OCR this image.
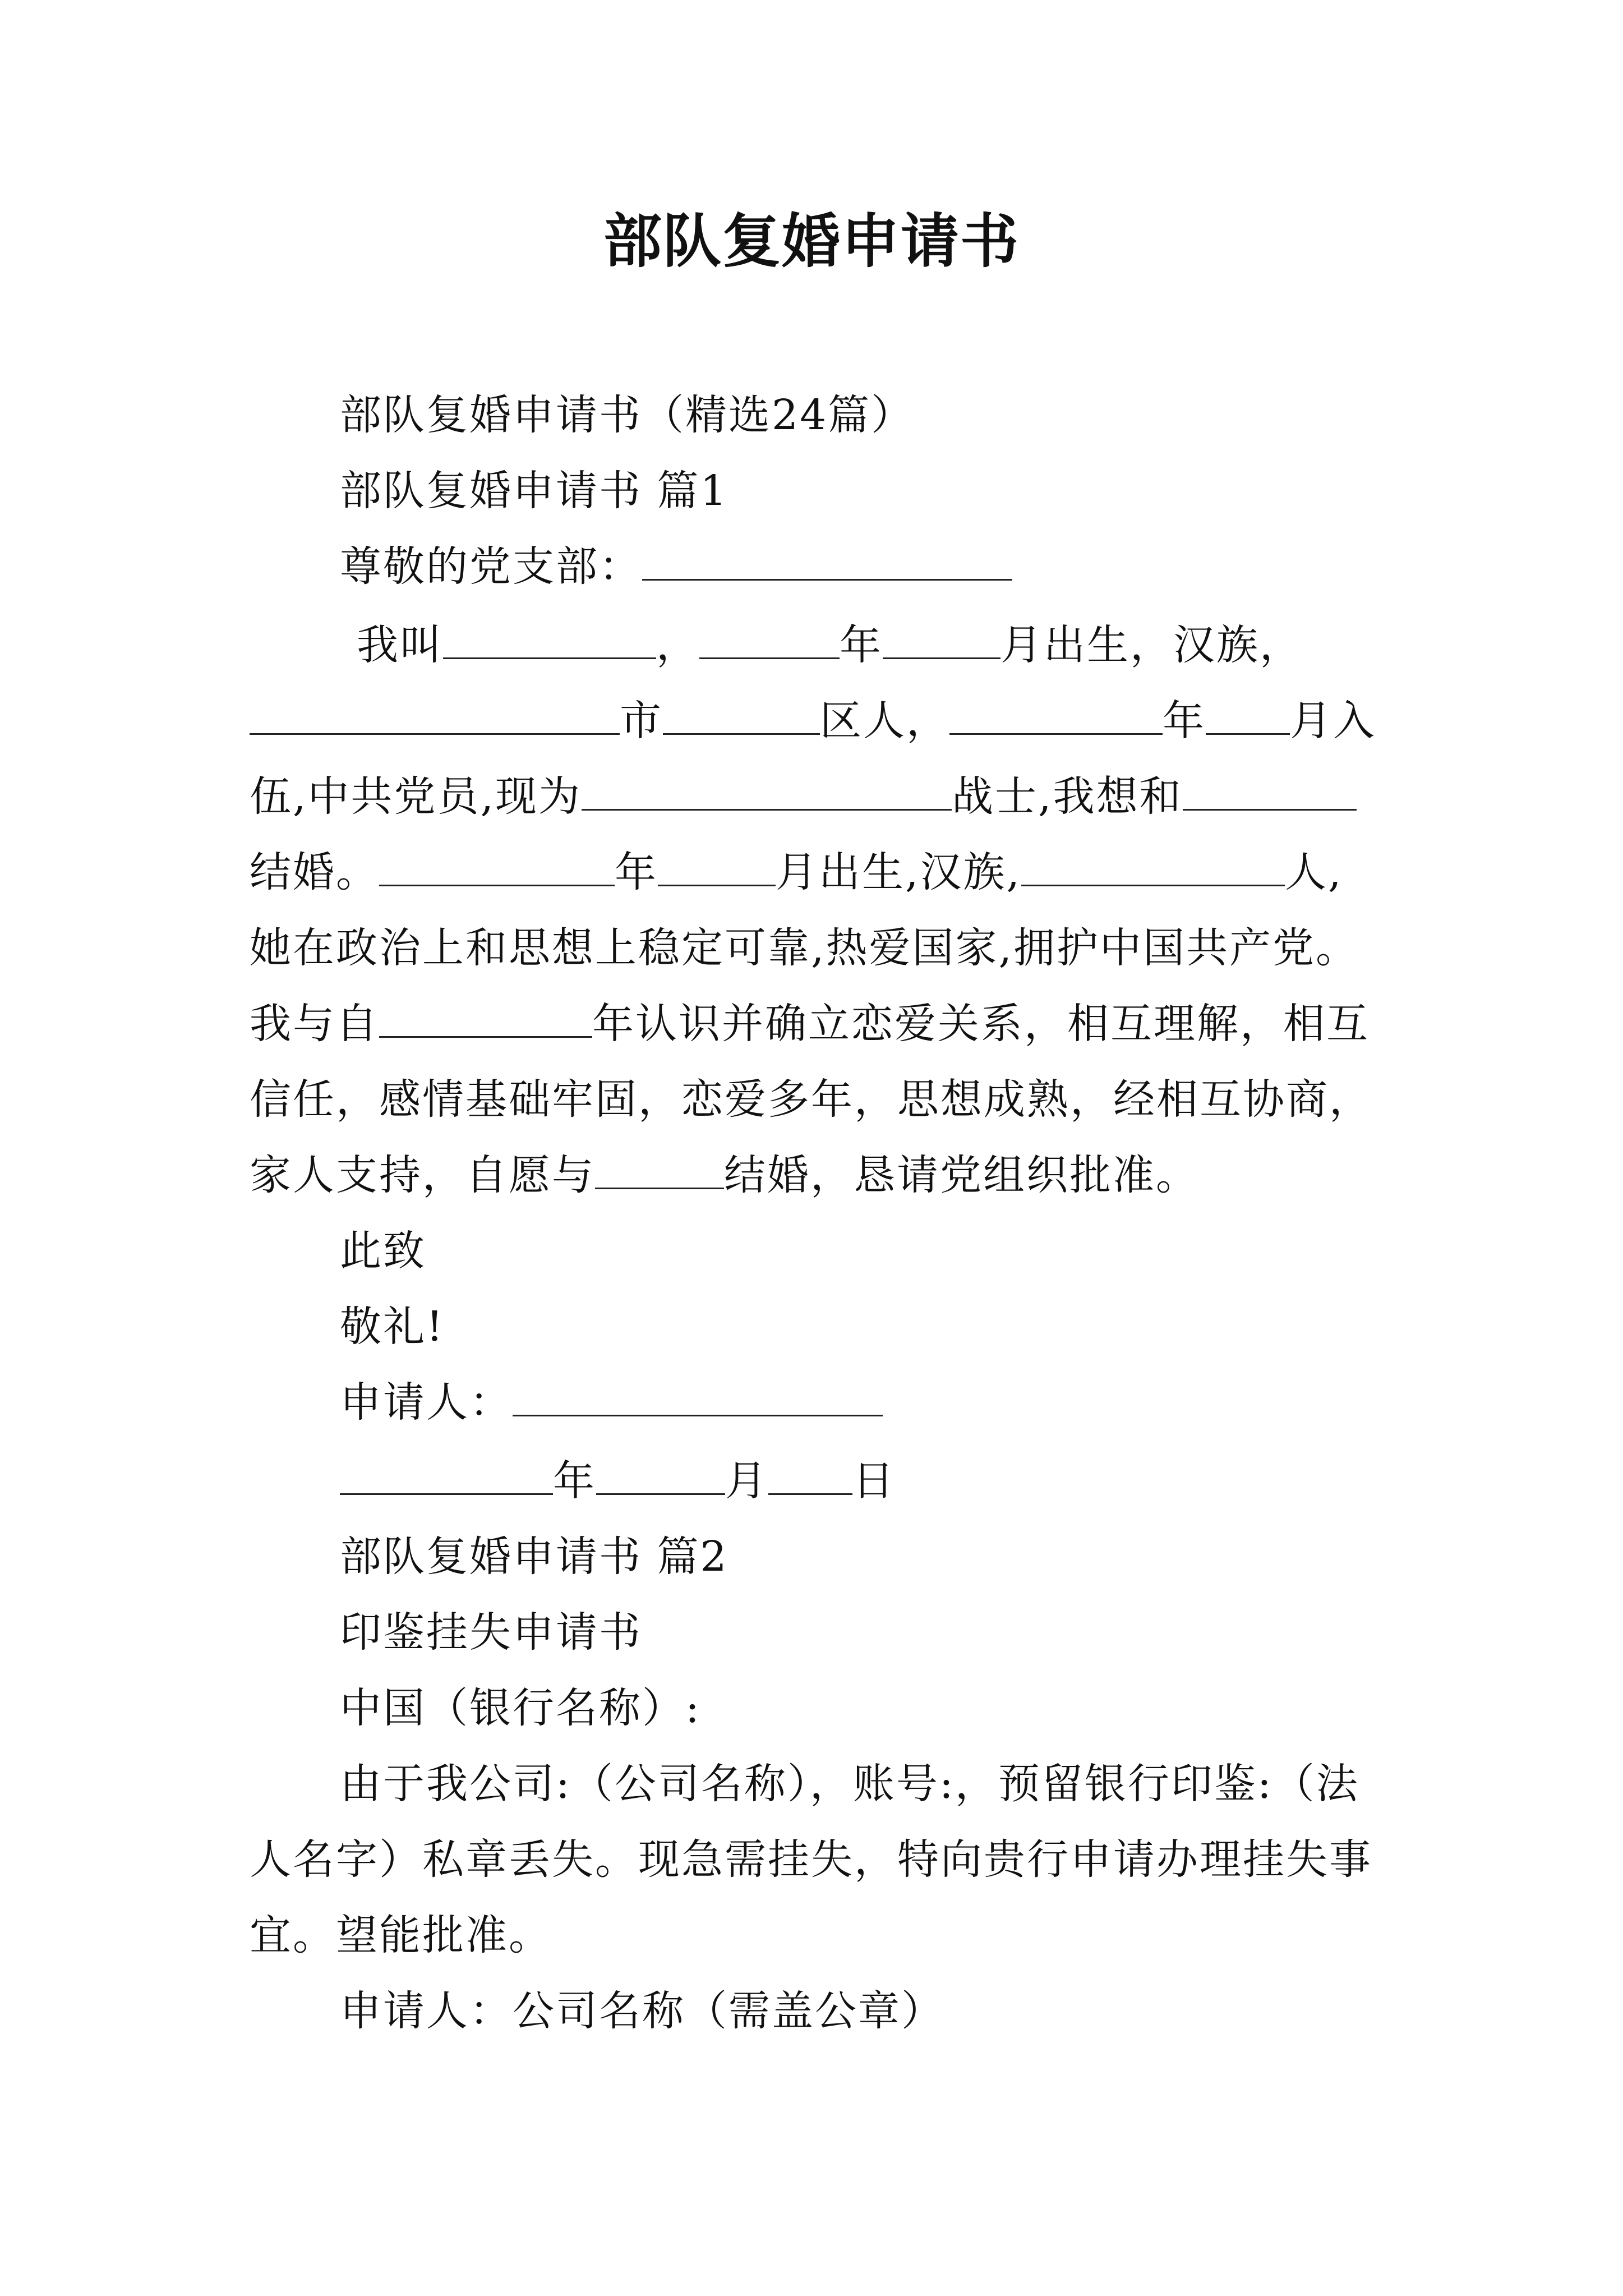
部队复婚申请书
部队复婚申请书（精选24篇）
部队复婚申请书 篇1
尊敬的党支部：
我叫	，	年	月出生，汉族，
市	区人，	年 月入
伍,中共党员,现为	战士,我想和
结婚。	年	月出生,汉族,	人,
她在政治上和思想上稳定可靠,热爱国家,拥护中国共产党。
我与自	年认识并确立恋爱关系，相互理解，相互
信任，感情基础牢固，恋爱多年，思想成熟，经相互协商，
家人支持，自愿与	结婚，恳请党组织批准。
此致
敬礼!
申请人：
年	月 日
部队复婚申请书 篇2
印鉴挂失申请书
中国（银行名称）:
由于我公司:（公司名称），账号:，预留银行印鉴:（法
人名字）私章丢失。现急需挂失，特向贵行申请办理挂失事
宜。望能批准。
申请人：公司名称（需盖公章）
